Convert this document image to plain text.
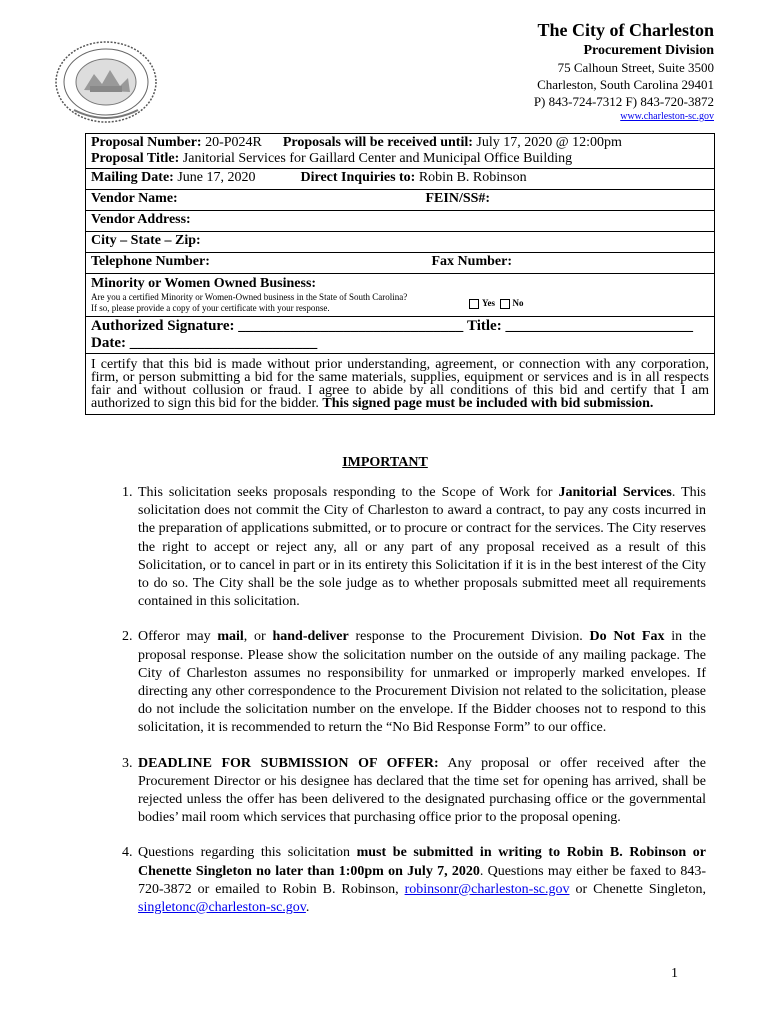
The City of Charleston
Procurement Division
75 Calhoun Street, Suite 3500
Charleston, South Carolina 29401
P) 843-724-7312 F) 843-720-3872
www.charleston-sc.gov
Proposal Number: 20-P024R Proposals will be received until: July 17, 2020 @ 12:00pm
Proposal Title: Janitorial Services for Gaillard Center and Municipal Office Building
Mailing Date: June 17, 2020	Direct Inquiries to: Robin B. Robinson
Vendor Name:	FEIN/SS#:

Vendor Address:
City – State – Zip:
Telephone Number:	Fax Number:

Minority or Women Owned Business:
Are you a certified Minority or Women-Owned business in the State of South Carolina?
If so, please provide a copy of your certificate with your response.	Yes No

Authorized Signature: ______________________________ Title: _________________________
Date: _________________________
I certify that this bid is made without prior understanding, agreement, or connection with any corporation, firm, or person submitting a bid for the same materials, supplies, equipment or services and is in all respects fair and without collusion or fraud. I agree to abide by all conditions of this bid and certify that I am authorized to sign this bid for the bidder. This signed page must be included with bid submission.
IMPORTANT
1. This solicitation seeks proposals responding to the Scope of Work for Janitorial Services. This solicitation does not commit the City of Charleston to award a contract, to pay any costs incurred in the preparation of applications submitted, or to procure or contract for the services. The City reserves the right to accept or reject any, all or any part of any proposal received as a result of this Solicitation, or to cancel in part or in its entirety this Solicitation if it is in the best interest of the City to do so. The City shall be the sole judge as to whether proposals submitted meet all requirements contained in this solicitation.
2. Offeror may mail, or hand-deliver response to the Procurement Division. Do Not Fax in the proposal response. Please show the solicitation number on the outside of any mailing package. The City of Charleston assumes no responsibility for unmarked or improperly marked envelopes. If directing any other correspondence to the Procurement Division not related to the solicitation, please do not include the solicitation number on the envelope. If the Bidder chooses not to respond to this solicitation, it is recommended to return the “No Bid Response Form” to our office.
3. DEADLINE FOR SUBMISSION OF OFFER: Any proposal or offer received after the Procurement Director or his designee has declared that the time set for opening has arrived, shall be rejected unless the offer has been delivered to the designated purchasing office or the governmental bodies’ mail room which services that purchasing office prior to the proposal opening.
4. Questions regarding this solicitation must be submitted in writing to Robin B. Robinson or Chenette Singleton no later than 1:00pm on July 7, 2020. Questions may either be faxed to 843-720-3872 or emailed to Robin B. Robinson, robinsonr@charleston-sc.gov or Chenette Singleton, singletonc@charleston-sc.gov.
1
